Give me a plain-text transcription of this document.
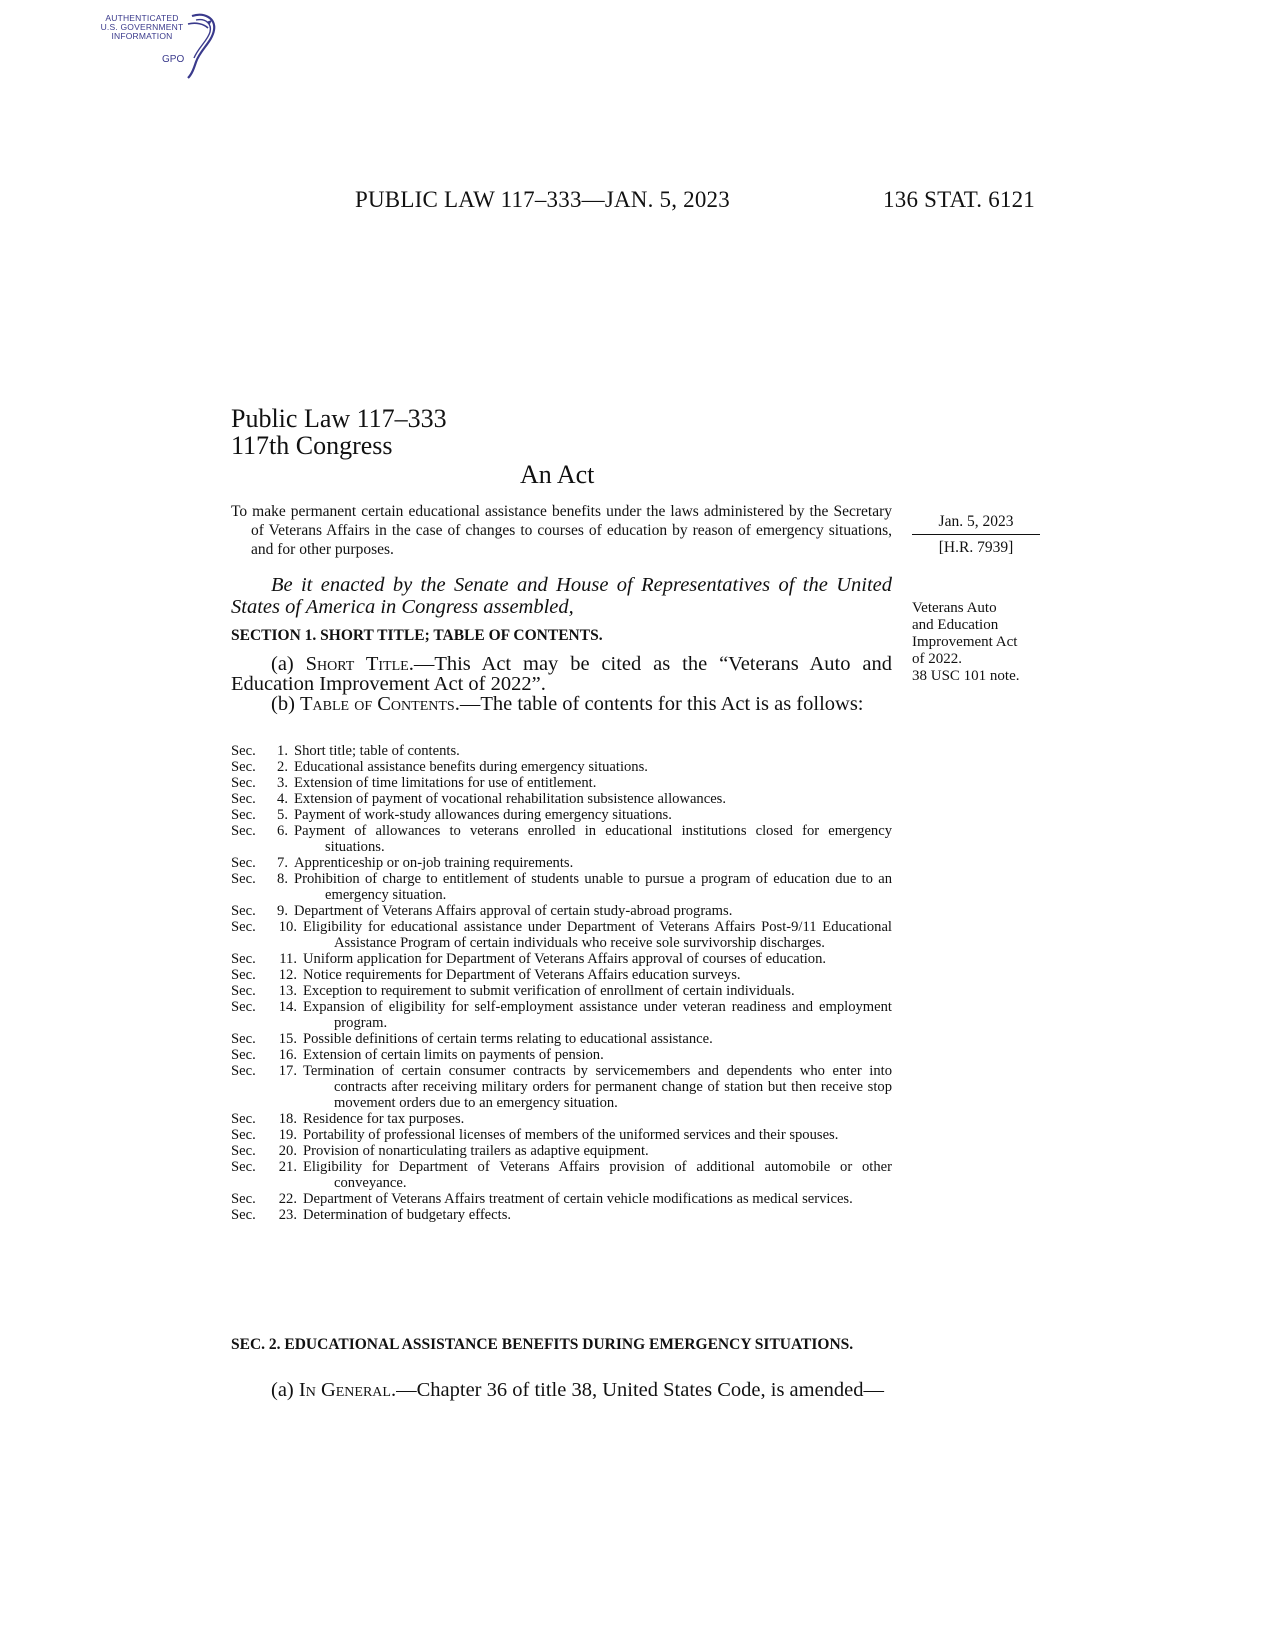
AUTHENTICATED
U.S. GOVERNMENT
INFORMATION
GPO
PUBLIC LAW 117–333—JAN. 5, 2023	136 STAT. 6121
Public Law 117–333
117th Congress
An Act
To make permanent certain educational assistance benefits under the laws administered by the Secretary of Veterans Affairs in the case of changes to courses of education by reason of emergency situations, and for other purposes.
Jan. 5, 2023
[H.R. 7939]
Veterans Auto
and Education
Improvement Act
of 2022.
38 USC 101 note.
Be it enacted by the Senate and House of Representatives of the United States of America in Congress assembled,
SECTION 1. SHORT TITLE; TABLE OF CONTENTS.
(a) Short Title.—This Act may be cited as the “Veterans Auto and Education Improvement Act of 2022”.
(b) Table of Contents.—The table of contents for this Act is as follows:
Sec.	1. Short title; table of contents.
Sec.	2. Educational assistance benefits during emergency situations.
Sec.	3. Extension of time limitations for use of entitlement.
Sec.	4. Extension of payment of vocational rehabilitation subsistence allowances.
Sec.	5. Payment of work-study allowances during emergency situations.
Sec.	6. Payment of allowances to veterans enrolled in educational institutions closed for emergency situations.
Sec.	7. Apprenticeship or on-job training requirements.
Sec.	8. Prohibition of charge to entitlement of students unable to pursue a program of education due to an emergency situation.
Sec.	9. Department of Veterans Affairs approval of certain study-abroad programs.
Sec.	10. Eligibility for educational assistance under Department of Veterans Affairs Post-9/11 Educational Assistance Program of certain individuals who receive sole survivorship discharges.
Sec.	11. Uniform application for Department of Veterans Affairs approval of courses of education.
Sec.	12. Notice requirements for Department of Veterans Affairs education surveys.
Sec.	13. Exception to requirement to submit verification of enrollment of certain individuals.
Sec.	14. Expansion of eligibility for self-employment assistance under veteran readiness and employment program.
Sec.	15. Possible definitions of certain terms relating to educational assistance.
Sec.	16. Extension of certain limits on payments of pension.
Sec.	17. Termination of certain consumer contracts by servicemembers and dependents who enter into contracts after receiving military orders for permanent change of station but then receive stop movement orders due to an emergency situation.
Sec.	18. Residence for tax purposes.
Sec.	19. Portability of professional licenses of members of the uniformed services and their spouses.
Sec.	20. Provision of nonarticulating trailers as adaptive equipment.
Sec.	21. Eligibility for Department of Veterans Affairs provision of additional automobile or other conveyance.
Sec.	22. Department of Veterans Affairs treatment of certain vehicle modifications as medical services.
Sec.	23. Determination of budgetary effects.
SEC. 2. EDUCATIONAL ASSISTANCE BENEFITS DURING EMERGENCY SITUATIONS.
(a) In General.—Chapter 36 of title 38, United States Code, is amended—
